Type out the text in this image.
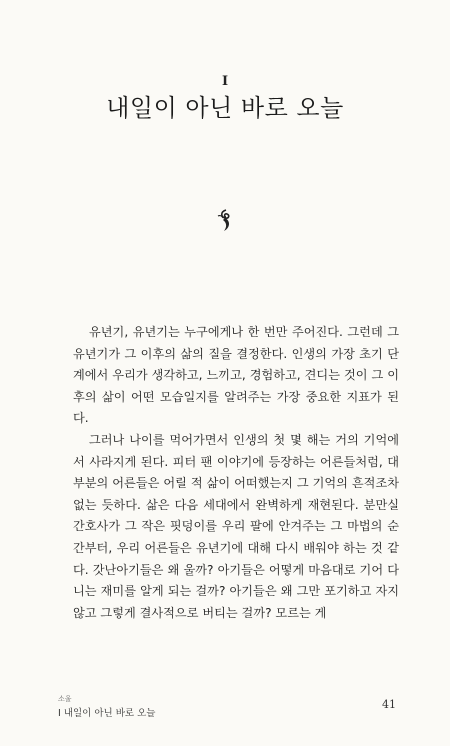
I
내일이 아닌 바로 오늘

유년기, 유년기는 누구에게나 한 번만 주어진다. 그런데 그 유년기가 그 이후의 삶의 질을 결정한다. 인생의 가장 초기 단계에서 우리가 생각하고, 느끼고, 경험하고, 견디는 것이 그 이후의 삶이 어떤 모습일지를 알려주는 가장 중요한 지표가 된다.

그러나 나이를 먹어가면서 인생의 첫 몇 해는 거의 기억에서 사라지게 된다. 피터 팬 이야기에 등장하는 어른들처럼, 대부분의 어른들은 어릴 적 삶이 어떠했는지 그 기억의 흔적조차 없는 듯하다. 삶은 다음 세대에서 완벽하게 재현된다. 분만실 간호사가 그 작은 핏덩이를 우리 팔에 안겨주는 그 마법의 순간부터, 우리 어른들은 유년기에 대해 다시 배워야 하는 것 같다. 갓난아기들은 왜 울까? 아기들은 어떻게 마음대로 기어 다니는 재미를 알게 되는 걸까? 아기들은 왜 그만 포기하고 자지 않고 그렇게 결사적으로 버티는 걸까? 모르는 게

소울
I 내일이 아닌 바로 오늘
41
